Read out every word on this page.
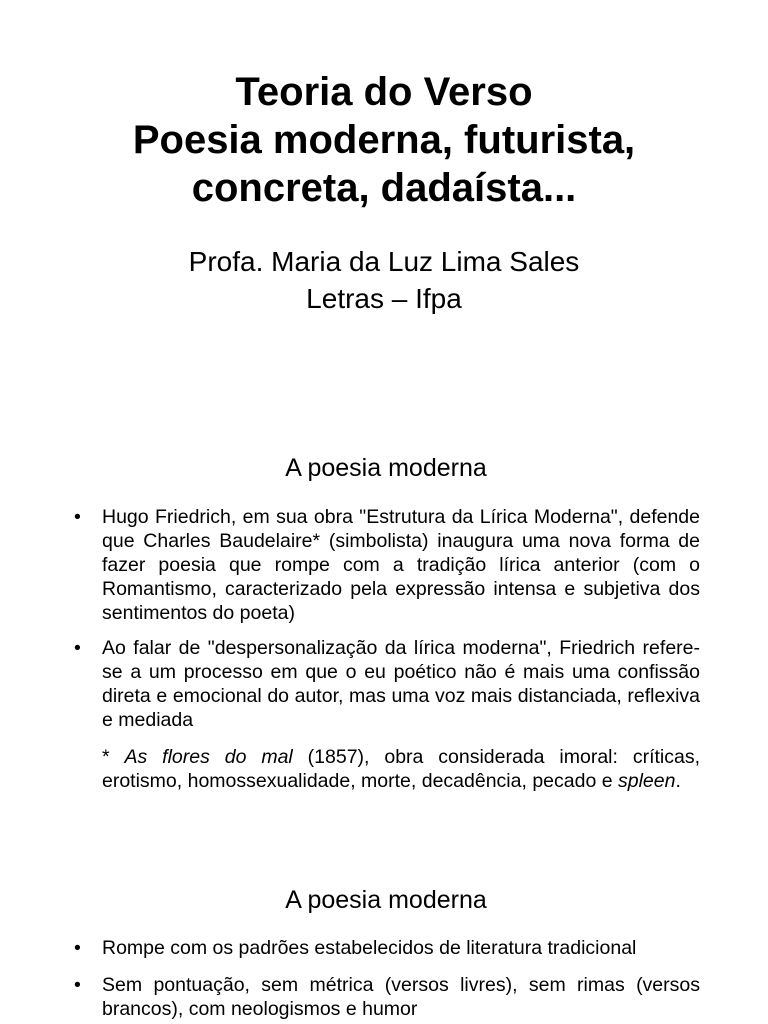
Teoria do Verso

Poesia moderna, futurista,

concreta, dadaísta...

Profa. Maria da Luz Lima Sales

Letras – Ifpa

A poesia moderna
•	Hugo Friedrich, em sua obra "Estrutura da Lírica Moderna", defende que Charles Baudelaire* (simbolista) inaugura uma nova forma de fazer poesia que rompe com a tradição lírica anterior (com o Romantismo, caracterizado pela expressão intensa e subjetiva dos sentimentos do poeta)
•	Ao falar de "despersonalização da lírica moderna", Friedrich refere-se a um processo em que o eu poético não é mais uma confissão direta e emocional do autor, mas uma voz mais distanciada, reflexiva e mediada

* As flores do mal (1857), obra considerada imoral: críticas, erotismo, homossexualidade, morte, decadência, pecado e spleen.

A poesia moderna
•	Rompe com os padrões estabelecidos de literatura tradicional
•	Sem pontuação, sem métrica (versos livres), sem rimas (versos brancos), com neologismos e humor
